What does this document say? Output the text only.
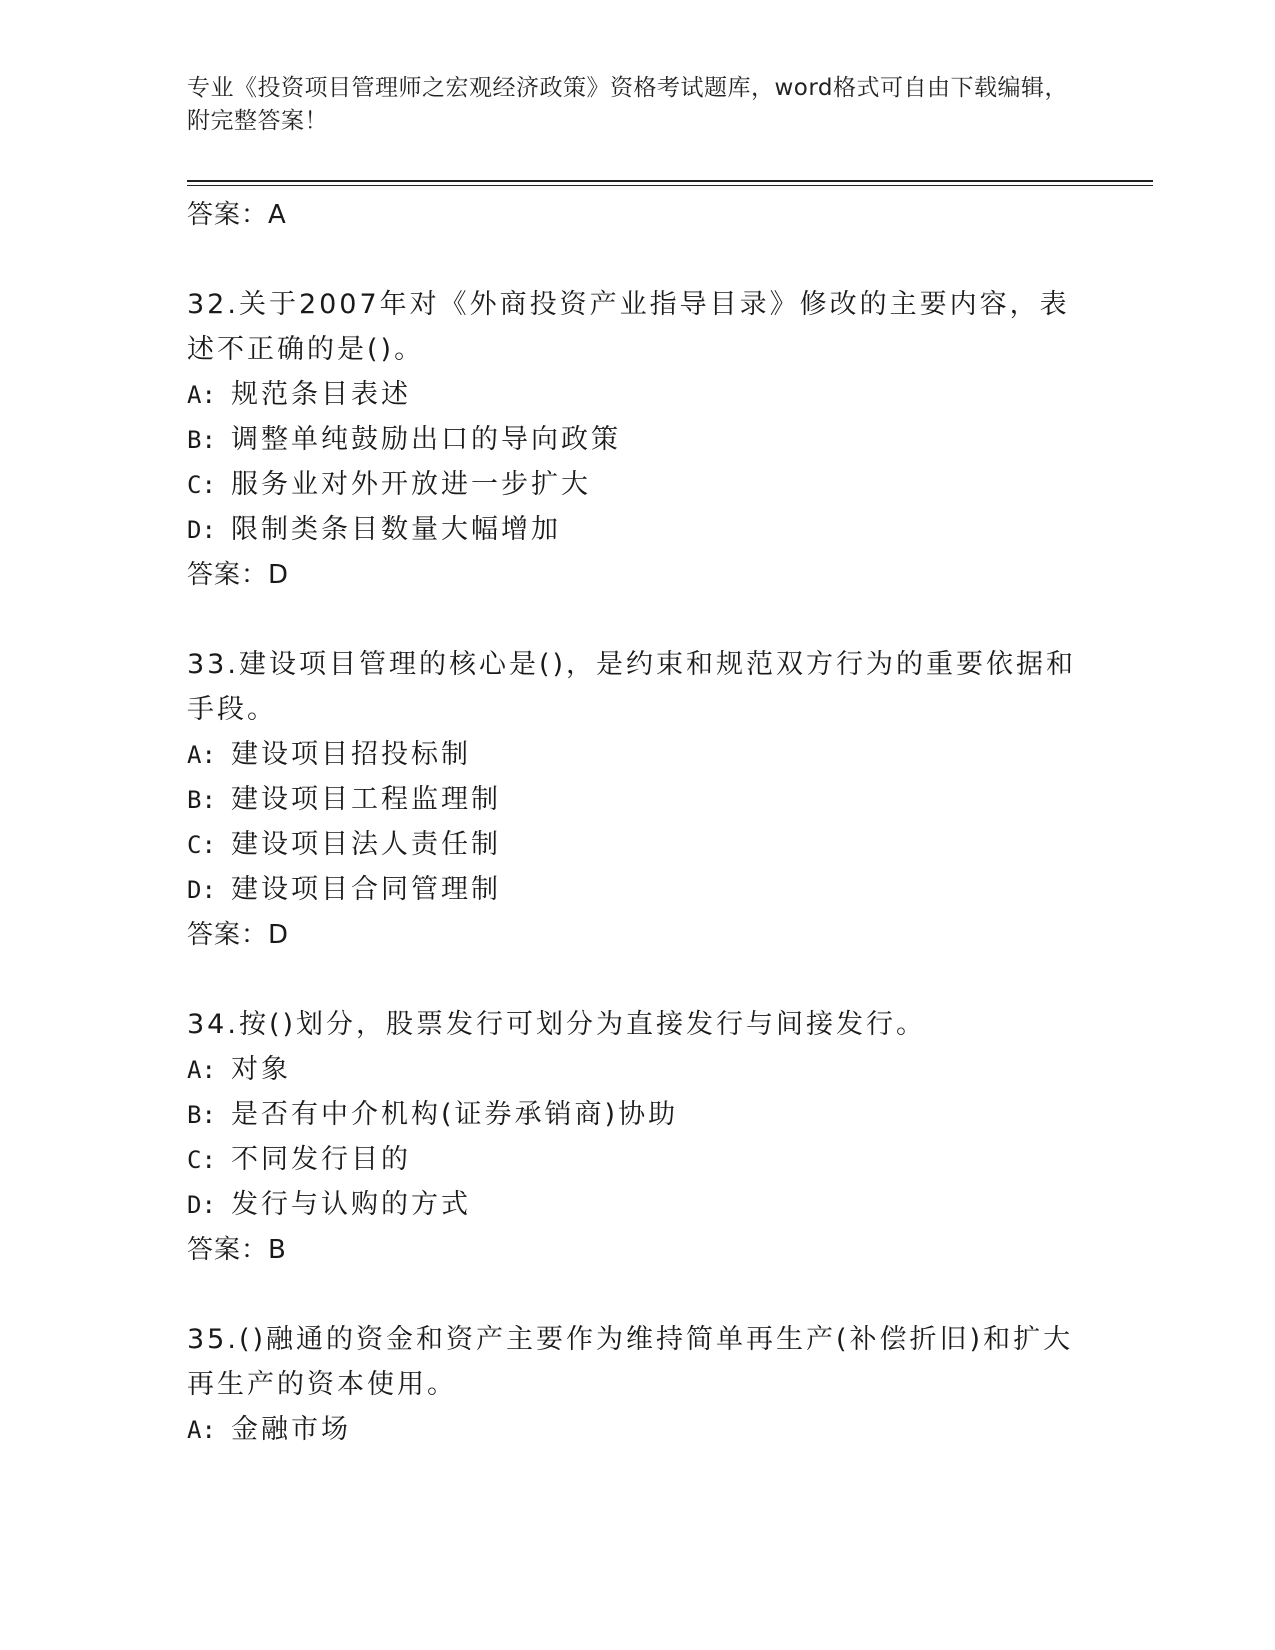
专业《投资项目管理师之宏观经济政策》资格考试题库，word格式可自由下载编辑，附完整答案！
答案：A
32.关于2007年对《外商投资产业指导目录》修改的主要内容，表述不正确的是()。
A: 规范条目表述
B: 调整单纯鼓励出口的导向政策
C: 服务业对外开放进一步扩大
D: 限制类条目数量大幅增加
答案：D
33.建设项目管理的核心是()，是约束和规范双方行为的重要依据和手段。
A: 建设项目招投标制
B: 建设项目工程监理制
C: 建设项目法人责任制
D: 建设项目合同管理制
答案：D
34.按()划分，股票发行可划分为直接发行与间接发行。
A: 对象
B: 是否有中介机构(证券承销商)协助
C: 不同发行目的
D: 发行与认购的方式
答案：B
35.()融通的资金和资产主要作为维持简单再生产(补偿折旧)和扩大再生产的资本使用。
A: 金融市场
